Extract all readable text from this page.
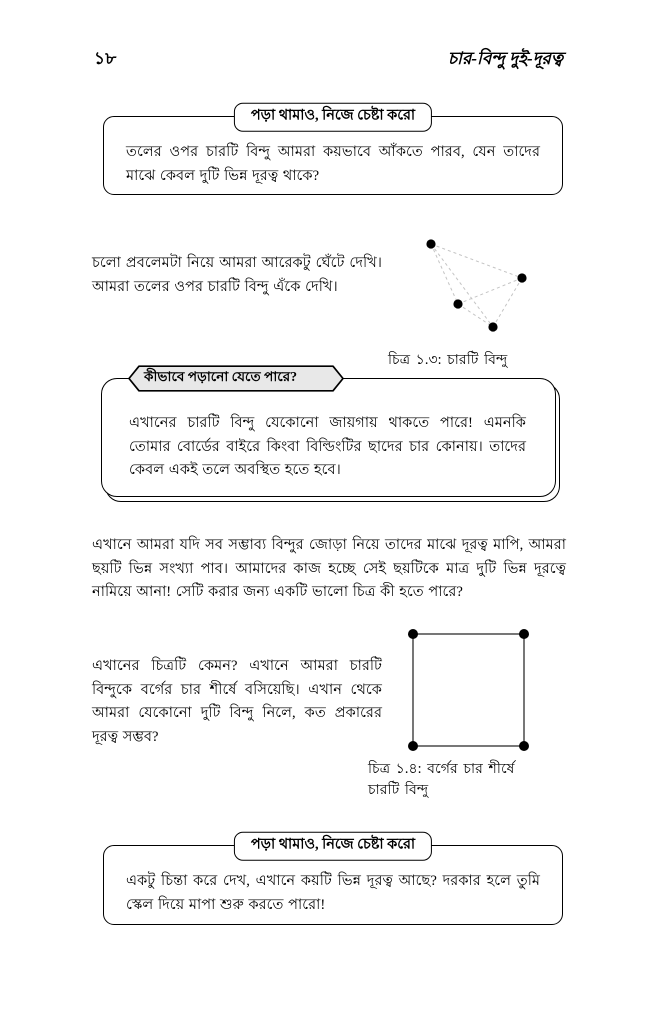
১৮	চার-বিন্দু দুই-দূরত্ব
পড়া থামাও, নিজে চেষ্টা করো
তলের ওপর চারটি বিন্দু আমরা কয়ভাবে আঁকতে পারব, যেন তাদের মাঝে কেবল দুটি ভিন্ন দূরত্ব থাকে?
চলো প্রবলেমটা নিয়ে আমরা আরেকটু ঘেঁটে দেখি। আমরা তলের ওপর চারটি বিন্দু এঁকে দেখি।
চিত্র ১.৩: চারটি বিন্দু
কীভাবে পড়ানো যেতে পারে?
এখানের চারটি বিন্দু যেকোনো জায়গায় থাকতে পারে! এমনকি তোমার বোর্ডের বাইরে কিংবা বিল্ডিংটির ছাদের চার কোনায়। তাদের কেবল একই তলে অবস্থিত হতে হবে।
এখানে আমরা যদি সব সম্ভাব্য বিন্দুর জোড়া নিয়ে তাদের মাঝে দূরত্ব মাপি, আমরা ছয়টি ভিন্ন সংখ্যা পাব। আমাদের কাজ হচ্ছে সেই ছয়টিকে মাত্র দুটি ভিন্ন দূরত্বে নামিয়ে আনা! সেটি করার জন্য একটি ভালো চিত্র কী হতে পারে?
এখানের চিত্রটি কেমন? এখানে আমরা চারটি বিন্দুকে বর্গের চার শীর্ষে বসিয়েছি। এখান থেকে আমরা যেকোনো দুটি বিন্দু নিলে, কত প্রকারের দূরত্ব সম্ভব?
চিত্র ১.৪: বর্গের চার শীর্ষে
চারটি বিন্দু
পড়া থামাও, নিজে চেষ্টা করো
একটু চিন্তা করে দেখ, এখানে কয়টি ভিন্ন দূরত্ব আছে? দরকার হলে তুমি স্কেল দিয়ে মাপা শুরু করতে পারো!
